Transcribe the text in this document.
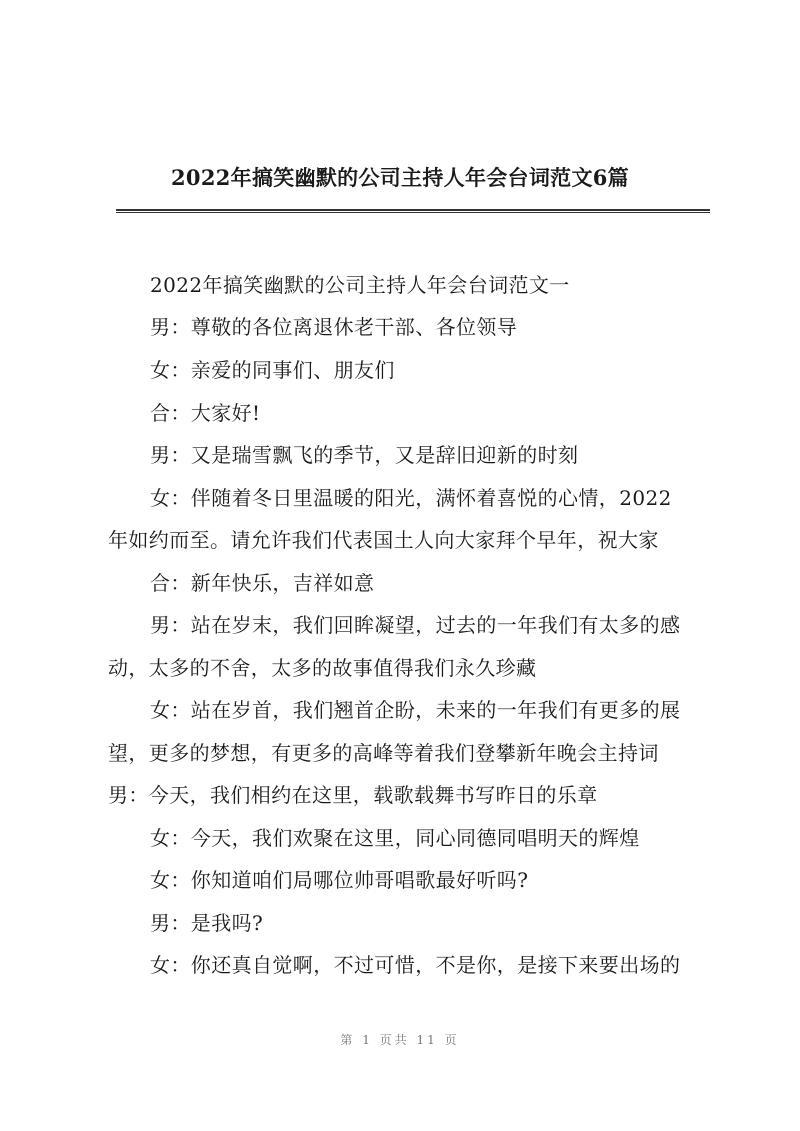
2022年搞笑幽默的公司主持人年会台词范文6篇
2022年搞笑幽默的公司主持人年会台词范文一
男：尊敬的各位离退休老干部、各位领导
女：亲爱的同事们、朋友们
合：大家好!
男：又是瑞雪飘飞的季节，又是辞旧迎新的时刻
女：伴随着冬日里温暖的阳光，满怀着喜悦的心情，2022
年如约而至。请允许我们代表国土人向大家拜个早年，祝大家
合：新年快乐，吉祥如意
男：站在岁末，我们回眸凝望，过去的一年我们有太多的感
动，太多的不舍，太多的故事值得我们永久珍藏
女：站在岁首，我们翘首企盼，未来的一年我们有更多的展
望，更多的梦想，有更多的高峰等着我们登攀新年晚会主持词
男：今天，我们相约在这里，载歌载舞书写昨日的乐章
女：今天，我们欢聚在这里，同心同德同唱明天的辉煌
女：你知道咱们局哪位帅哥唱歌最好听吗?
男：是我吗?
女：你还真自觉啊，不过可惜，不是你，是接下来要出场的
第 1 页共 11 页
